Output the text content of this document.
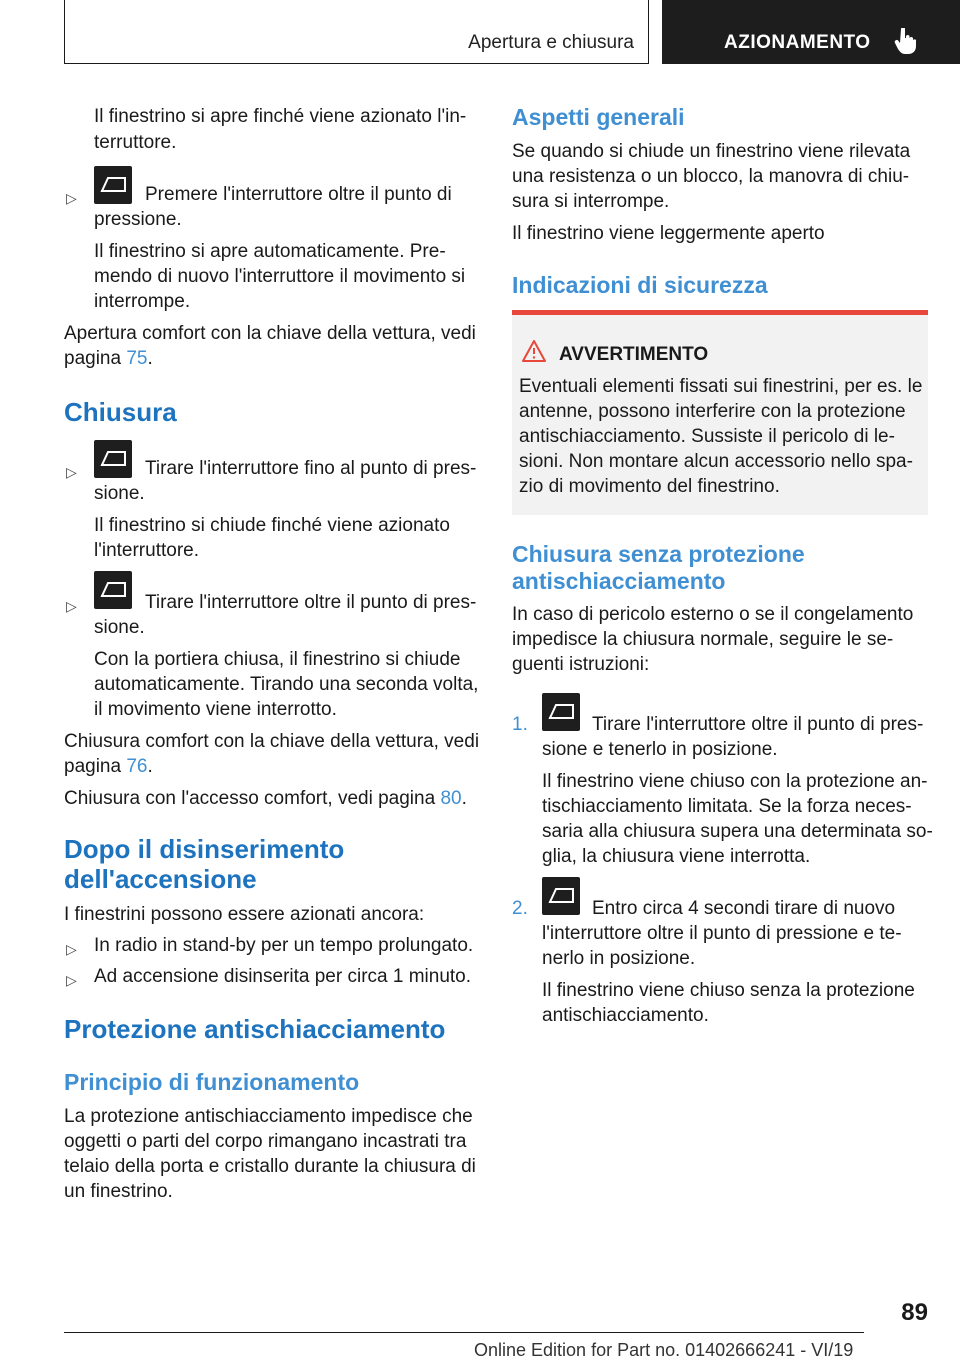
Apertura e chiusura	AZIONAMENTO
Il finestrino si apre finché viene azionato l'in-
terruttore.
▷	Premere l'interruttore oltre il punto di
pressione.
Il finestrino si apre automaticamente. Pre-
mendo di nuovo l'interruttore il movimento si
interrompe.
Apertura comfort con la chiave della vettura, vedi
pagina 75.
Chiusura
▷	Tirare l'interruttore fino al punto di pres-
sione.
Il finestrino si chiude finché viene azionato
l'interruttore.
▷	Tirare l'interruttore oltre il punto di pres-
sione.
Con la portiera chiusa, il finestrino si chiude
automaticamente. Tirando una seconda volta,
il movimento viene interrotto.
Chiusura comfort con la chiave della vettura, vedi
pagina 76.
Chiusura con l'accesso comfort, vedi pagina 80.
Dopo il disinserimento
dell'accensione
I finestrini possono essere azionati ancora:
▷ In radio in stand-by per un tempo prolungato.
▷ Ad accensione disinserita per circa 1 minuto.
Protezione antischiacciamento
Principio di funzionamento
La protezione antischiacciamento impedisce che
oggetti o parti del corpo rimangano incastrati tra
telaio della porta e cristallo durante la chiusura di
un finestrino.
Aspetti generali
Se quando si chiude un finestrino viene rilevata
una resistenza o un blocco, la manovra di chiu-
sura si interrompe.
Il finestrino viene leggermente aperto
Indicazioni di sicurezza
AVVERTIMENTO
Eventuali elementi fissati sui finestrini, per es. le
antenne, possono interferire con la protezione
antischiacciamento. Sussiste il pericolo di le-
sioni. Non montare alcun accessorio nello spa-
zio di movimento del finestrino.
Chiusura senza protezione
antischiacciamento
In caso di pericolo esterno o se il congelamento
impedisce la chiusura normale, seguire le se-
guenti istruzioni:
1.	Tirare l'interruttore oltre il punto di pres-
sione e tenerlo in posizione.
Il finestrino viene chiuso con la protezione an-
tischiacciamento limitata. Se la forza neces-
saria alla chiusura supera una determinata so-
glia, la chiusura viene interrotta.
2.	Entro circa 4 secondi tirare di nuovo
l'interruttore oltre il punto di pressione e te-
nerlo in posizione.
Il finestrino viene chiuso senza la protezione
antischiacciamento.
89
Online Edition for Part no. 01402666241 - VI/19
